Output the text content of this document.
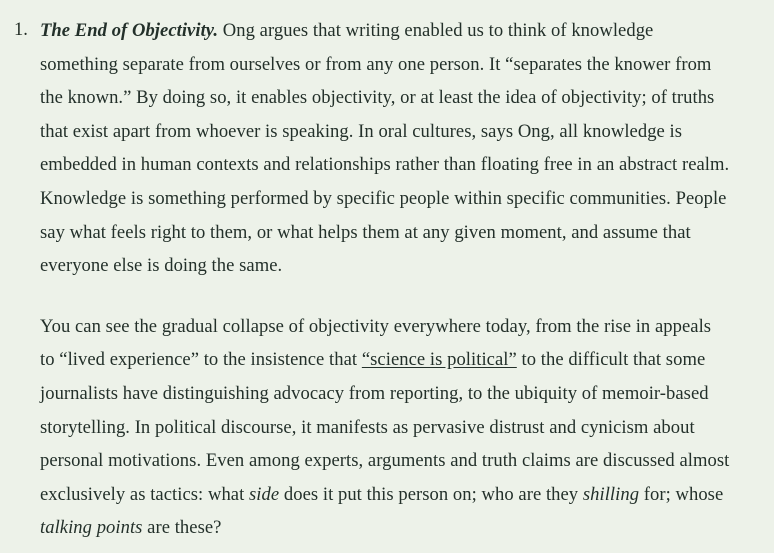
The End of Objectivity. Ong argues that writing enabled us to think of knowledge something separate from ourselves or from any one person. It “separates the knower from the known.” By doing so, it enables objectivity, or at least the idea of objectivity; of truths that exist apart from whoever is speaking. In oral cultures, says Ong, all knowledge is embedded in human contexts and relationships rather than floating free in an abstract realm. Knowledge is something performed by specific people within specific communities. People say what feels right to them, or what helps them at any given moment, and assume that everyone else is doing the same.

You can see the gradual collapse of objectivity everywhere today, from the rise in appeals to “lived experience” to the insistence that “science is political” to the difficult that some journalists have distinguishing advocacy from reporting, to the ubiquity of memoir-based storytelling. In political discourse, it manifests as pervasive distrust and cynicism about personal motivations. Even among experts, arguments and truth claims are discussed almost exclusively as tactics: what side does it put this person on; who are they shilling for; whose talking points are these?
